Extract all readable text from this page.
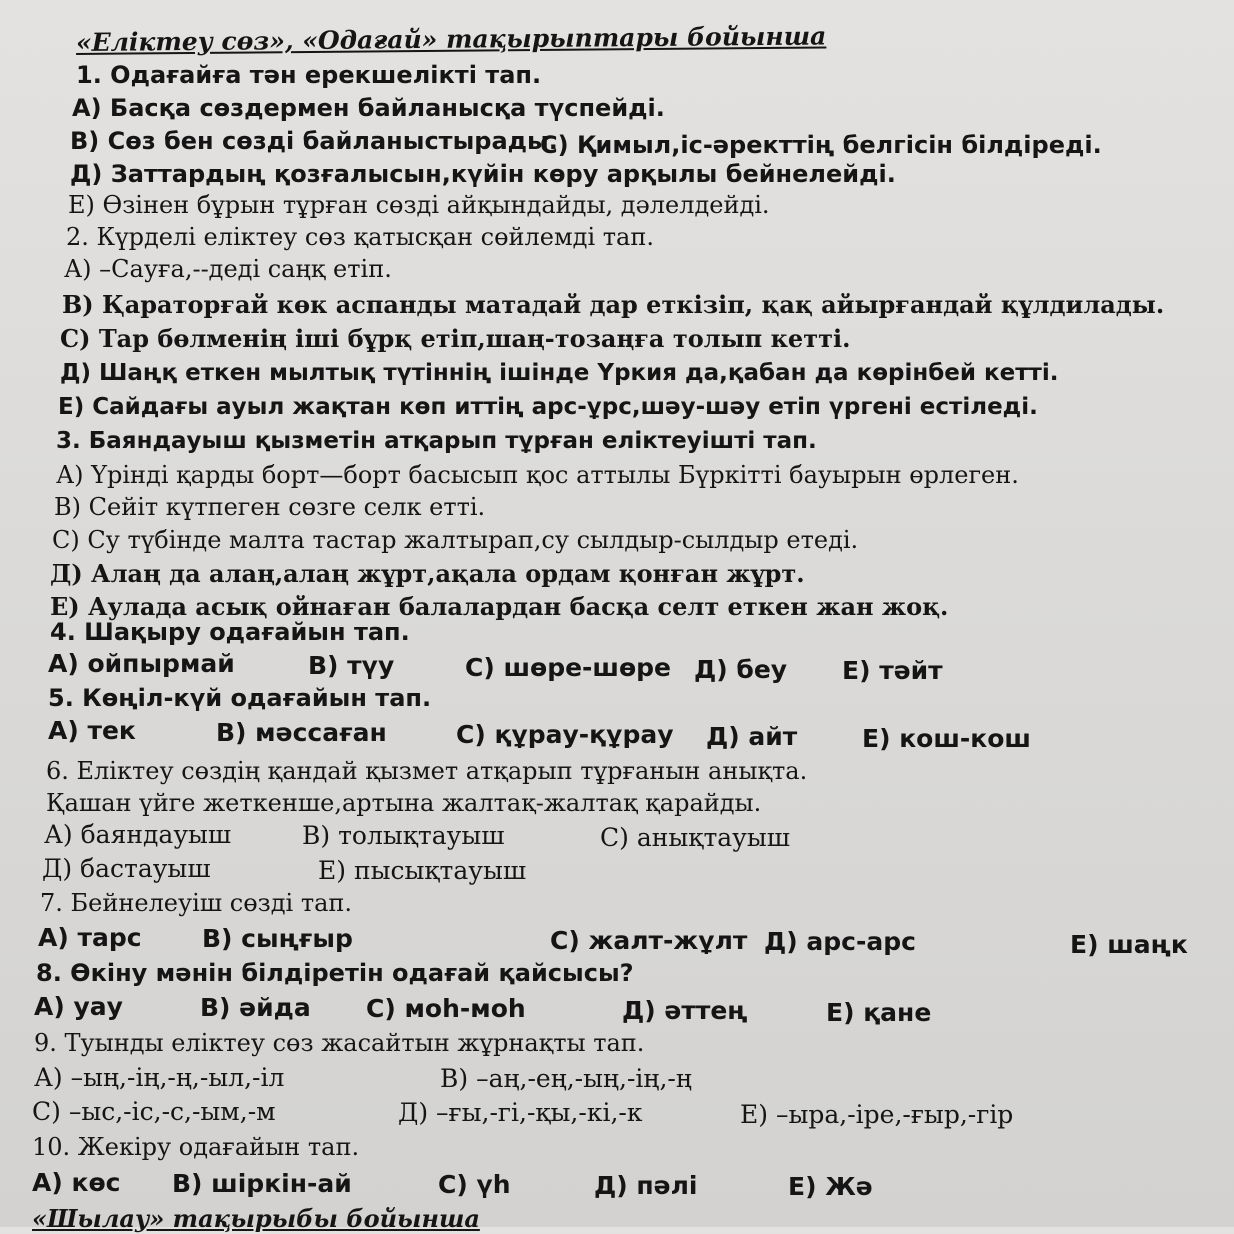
«Еліктеу сөз», «Одағай» тақырыптары бойынша
1. Одағайға тән ерекшелікті тап.
А) Басқа сөздермен байланысқа түспейді.
В) Сөз бен сөзді байланыстырады.
С) Қимыл,іс-әректтің белгісін білдіреді.
Д) Заттардың қозғалысын,күйін көру арқылы бейнелейді.
Е) Өзінен бұрын тұрған сөзді айқындайды, дәлелдейді.
2. Күрделі еліктеу сөз қатысқан сөйлемді тап.
А) –Сауға,--деді саңқ етіп.
В) Қараторғай көк аспанды матадай дар еткізіп, қақ айырғандай құлдилады.
С) Тар бөлменің іші бұрқ етіп,шаң-тозаңға толып кетті.
Д) Шаңқ еткен мылтық түтіннің ішінде Үркия да,қабан да көрінбей кетті.
Е) Сайдағы ауыл жақтан көп иттің арс-ұрс,шәу-шәу етіп үргені естіледі.
3. Баяндауыш қызметін атқарып тұрған еліктеуішті тап.
А) Үрінді қарды борт—борт басысып қос аттылы Бүркітті бауырын өрлеген.
В) Сейіт күтпеген сөзге селк етті.
С) Су түбінде малта тастар жалтырап,су сылдыр-сылдыр етеді.
Д) Алаң да алаң,алаң жұрт,ақала ордам қонған жұрт.
Е) Аулада асық ойнаған балалардан басқа селт еткен жан жоқ.
4. Шақыру одағайын тап.
А) ойпырмай	В) түу	С) шөре-шөре Д) беу Е) тәйт
5. Көңіл-күй одағайын тап.
А) тек	В) мәссаған	С) құрау-құрау Д) айт	Е) кош-кош
6. Еліктеу сөздің қандай қызмет атқарып тұрғанын анықта.
Қашан үйге жеткенше,артына жалтақ-жалтақ қарайды.
А) баяндауыш	В) толықтауыш	С) анықтауыш
Д) бастауыш	Е) пысықтауыш
7. Бейнелеуіш сөзді тап.
А) тарс В) сыңғыр	С) жалт-жұлт Д) арс-арс	Е) шаңк
8. Өкіну мәнін білдіретін одағай қайсысы?
А) уау	В) әйда С) моһ-моһ	Д) әттең	Е) қане
9. Туынды еліктеу сөз жасайтын жұрнақты тап.
А) –ың,-ің,-ң,-ыл,-іл	В) –аң,-ең,-ың,-ің,-ң
С) –ыс,-іс,-с,-ым,-м	Д) –ғы,-гі,-қы,-кі,-к	Е) –ыра,-іре,-ғыр,-гір
10. Жекіру одағайын тап.
А) көс В) шіркін-ай	С) үһ	Д) пәлі	Е) Жә
«Шылау» тақырыбы бойынша
